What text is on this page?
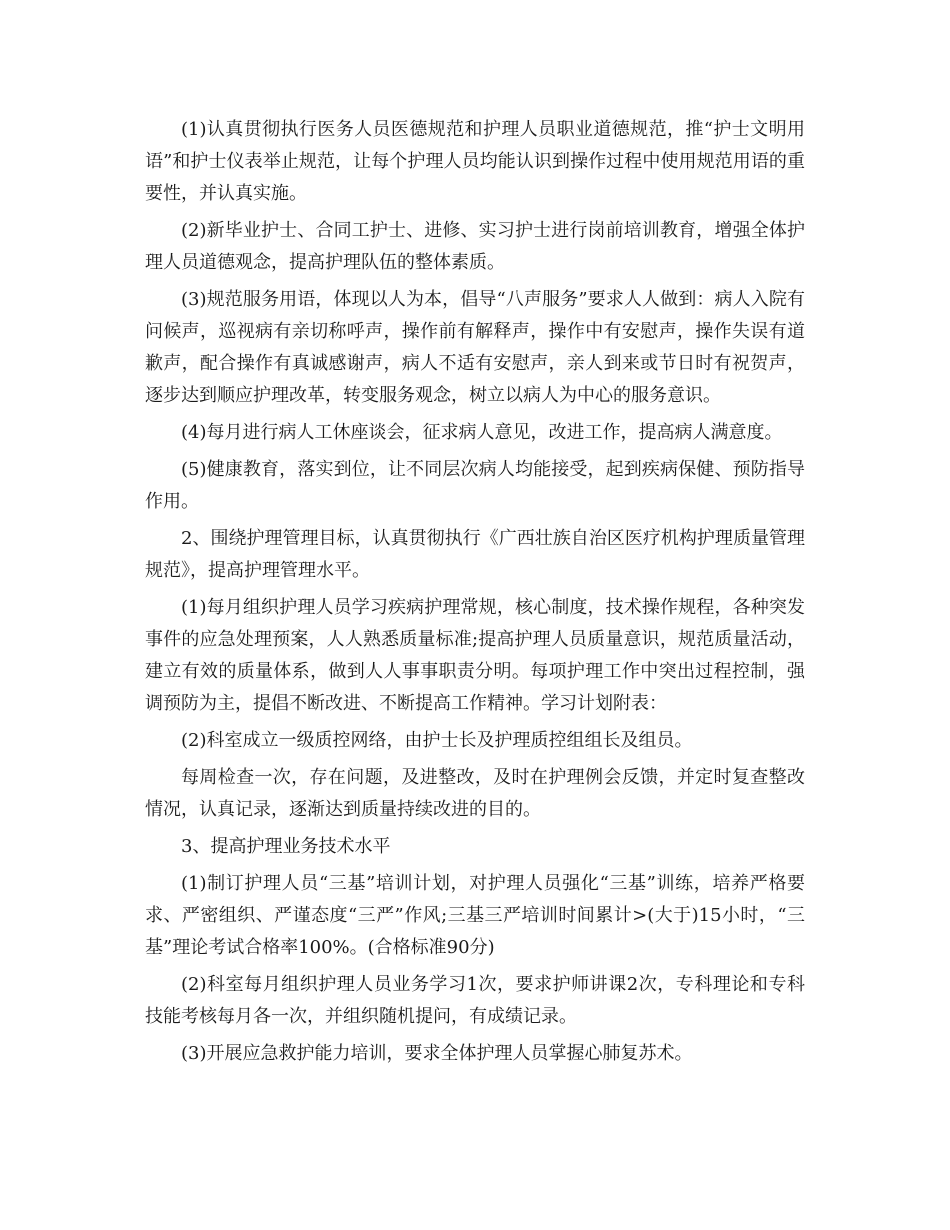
(1)认真贯彻执行医务人员医德规范和护理人员职业道德规范，推“护士文明用语”和护士仪表举止规范，让每个护理人员均能认识到操作过程中使用规范用语的重要性，并认真实施。

(2)新毕业护士、合同工护士、进修、实习护士进行岗前培训教育，增强全体护理人员道德观念，提高护理队伍的整体素质。

(3)规范服务用语，体现以人为本，倡导“八声服务”要求人人做到：病人入院有问候声，巡视病有亲切称呼声，操作前有解释声，操作中有安慰声，操作失误有道歉声，配合操作有真诚感谢声，病人不适有安慰声，亲人到来或节日时有祝贺声，逐步达到顺应护理改革，转变服务观念，树立以病人为中心的服务意识。

(4)每月进行病人工休座谈会，征求病人意见，改进工作，提高病人满意度。

(5)健康教育，落实到位，让不同层次病人均能接受，起到疾病保健、预防指导作用。

2、围绕护理管理目标，认真贯彻执行《广西壮族自治区医疗机构护理质量管理规范》，提高护理管理水平。

(1)每月组织护理人员学习疾病护理常规，核心制度，技术操作规程，各种突发事件的应急处理预案，人人熟悉质量标准;提高护理人员质量意识，规范质量活动，建立有效的质量体系，做到人人事事职责分明。每项护理工作中突出过程控制，强调预防为主，提倡不断改进、不断提高工作精神。学习计划附表：

(2)科室成立一级质控网络，由护士长及护理质控组组长及组员。

每周检查一次，存在问题，及进整改，及时在护理例会反馈，并定时复查整改情况，认真记录，逐渐达到质量持续改进的目的。

3、提高护理业务技术水平

(1)制订护理人员“三基”培训计划，对护理人员强化“三基”训练，培养严格要求、严密组织、严谨态度“三严”作风;三基三严培训时间累计>(大于)15小时，“三基”理论考试合格率100%。(合格标准90分)

(2)科室每月组织护理人员业务学习1次，要求护师讲课2次，专科理论和专科技能考核每月各一次，并组织随机提问，有成绩记录。

(3)开展应急救护能力培训，要求全体护理人员掌握心肺复苏术。
